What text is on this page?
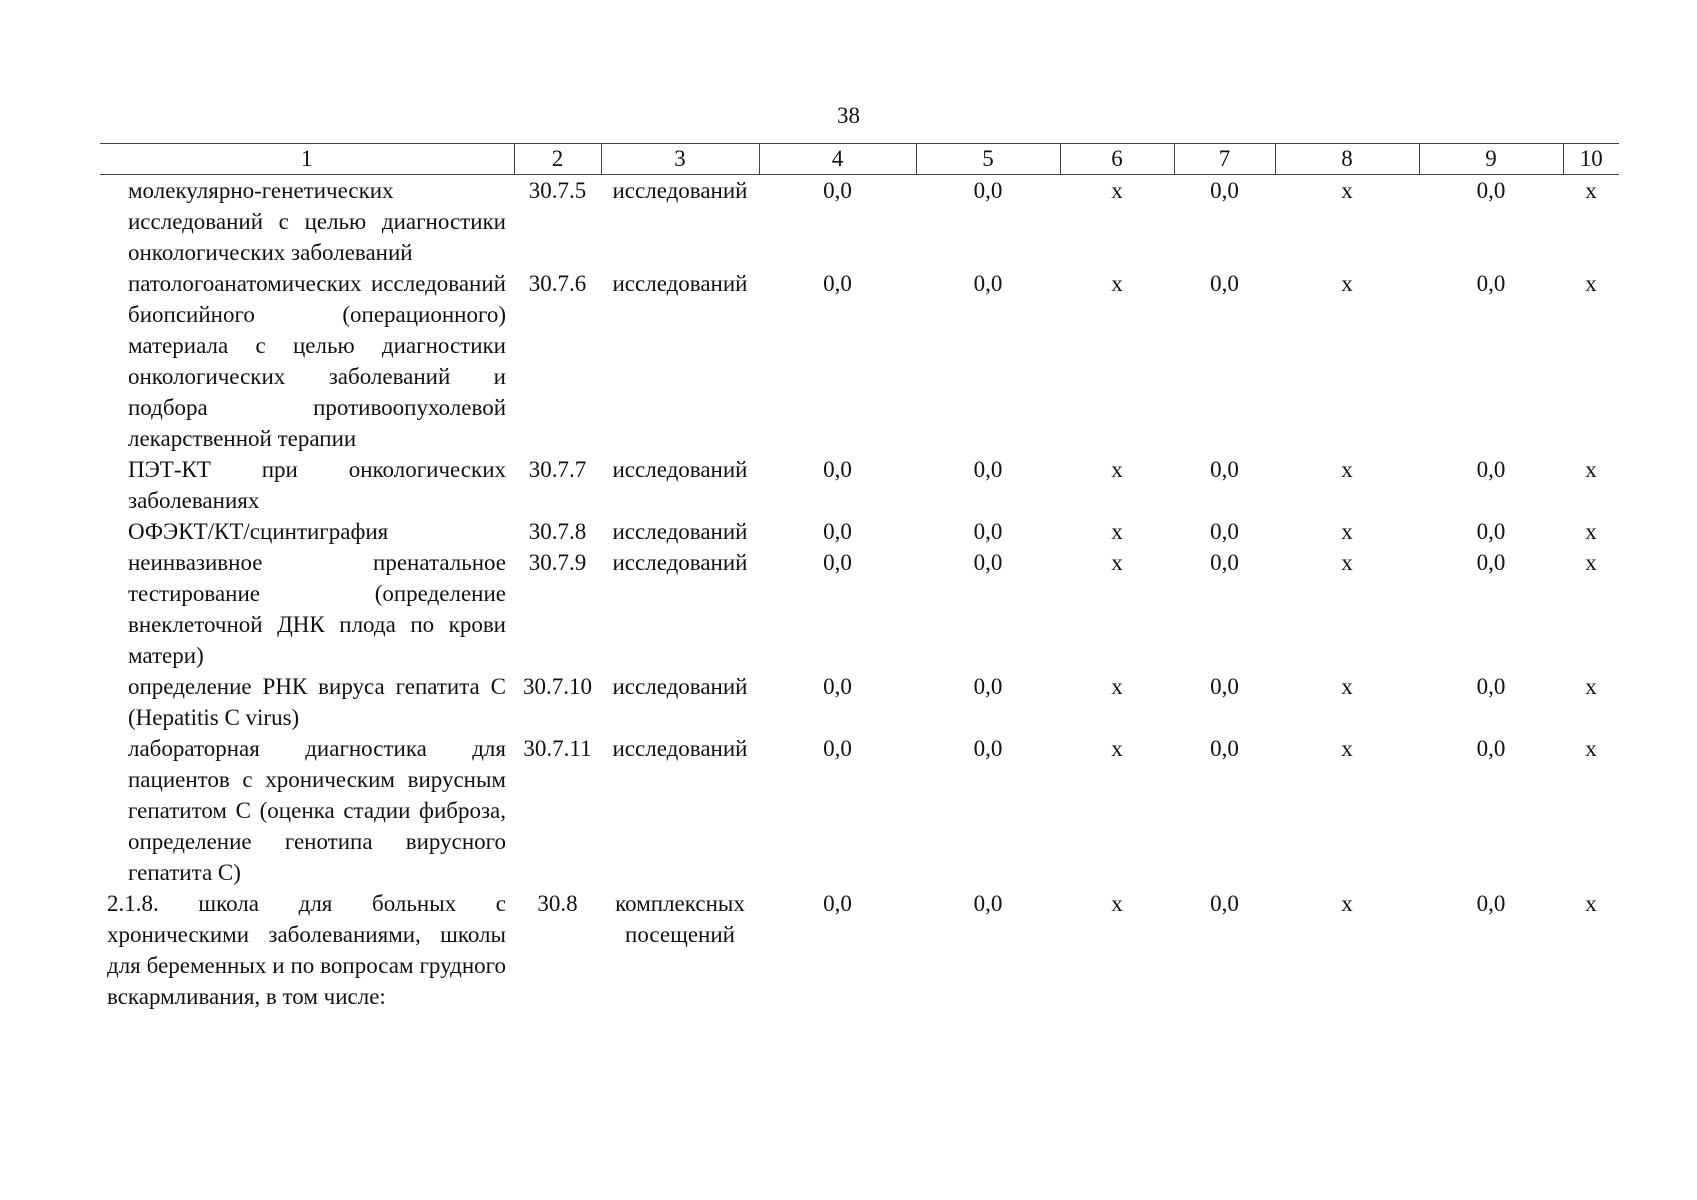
38
1	2	3	4	5	6	7	8	9	10
молекулярно-генетических исследований с целью диагностики онкологических заболеваний	30.7.5	исследований	0,0	0,0	х	0,0	х	0,0	х
патологоанатомических исследований биопсийного (операционного) материала с целью диагностики онкологических заболеваний и подбора противоопухолевой лекарственной терапии	30.7.6	исследований	0,0	0,0	х	0,0	х	0,0	х
ПЭТ-КТ при онкологических заболеваниях	30.7.7	исследований	0,0	0,0	х	0,0	х	0,0	х
ОФЭКТ/КТ/сцинтиграфия	30.7.8	исследований	0,0	0,0	х	0,0	х	0,0	х
неинвазивное пренатальное тестирование (определение внеклеточной ДНК плода по крови матери)	30.7.9	исследований	0,0	0,0	х	0,0	х	0,0	х
определение РНК вируса гепатита С (Hepatitis C virus)	30.7.10	исследований	0,0	0,0	х	0,0	х	0,0	х
лабораторная диагностика для пациентов с хроническим вирусным гепатитом С (оценка стадии фиброза, определение генотипа вирусного гепатита С)	30.7.11	исследований	0,0	0,0	х	0,0	х	0,0	х
2.1.8. школа для больных с хроническими заболеваниями, школы для беременных и по вопросам грудного вскармливания, в том числе:	30.8	комплексных посещений	0,0	0,0	х	0,0	х	0,0	х
